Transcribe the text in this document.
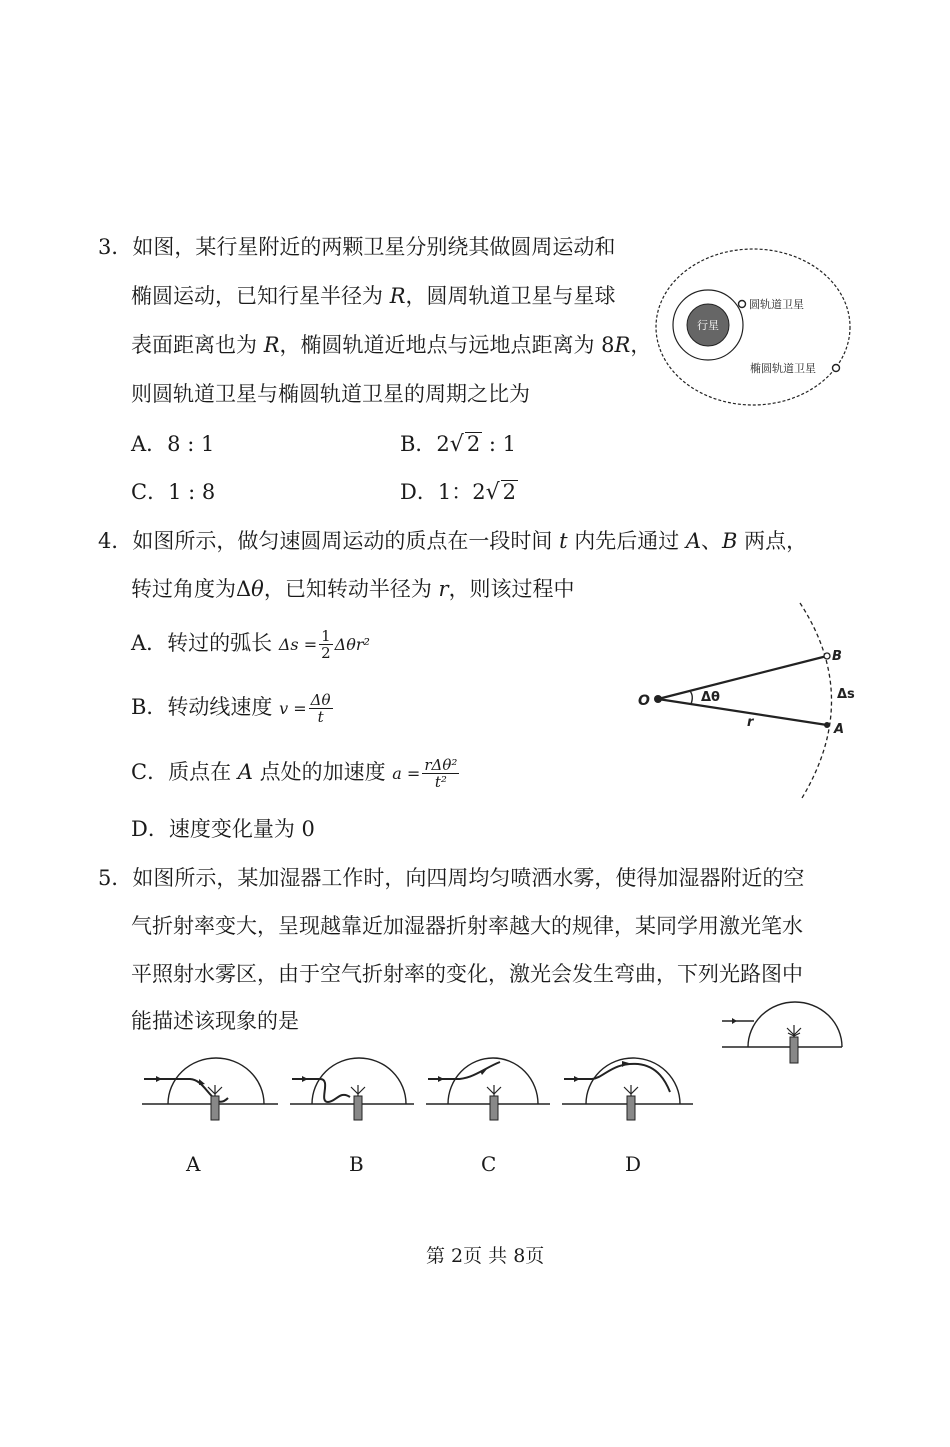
3．如图，某行星附近的两颗卫星分别绕其做圆周运动和
椭圆运动，已知行星半径为 R，圆周轨道卫星与星球
表面距离也为 R，椭圆轨道近地点与远地点距离为 8R，
则圆轨道卫星与椭圆轨道卫星的周期之比为
A．8 : 1	B．2√ 2 : 1
C．1 : 8	D．1：2√ 2
行星
圆轨道卫星
椭圆轨道卫星
4．如图所示，做匀速圆周运动的质点在一段时间 t 内先后通过 A、B 两点，
转过角度为Δθ，已知转动半径为 r，则该过程中
A．转过的弧长 $\Delta s = \frac{1}{2} \Delta\theta r^2$
B．转动线速度 $v = \frac{\Delta\theta}{t}$
C．质点在 A 点处的加速度 $a = \frac{\text{rΔθ²}}{\text{t²}}$
D．速度变化量为 0
O
B
A
r
Δθ	Δs
5．如图所示，某加湿器工作时，向四周均匀喷洒水雾，使得加湿器附近的空
气折射率变大，呈现越靠近加湿器折射率越大的规律，某同学用激光笔水
平照射水雾区，由于空气折射率的变化，激光会发生弯曲，下列光路图中
能描述该现象的是
A	B	C	D
第 2页 共 8页
